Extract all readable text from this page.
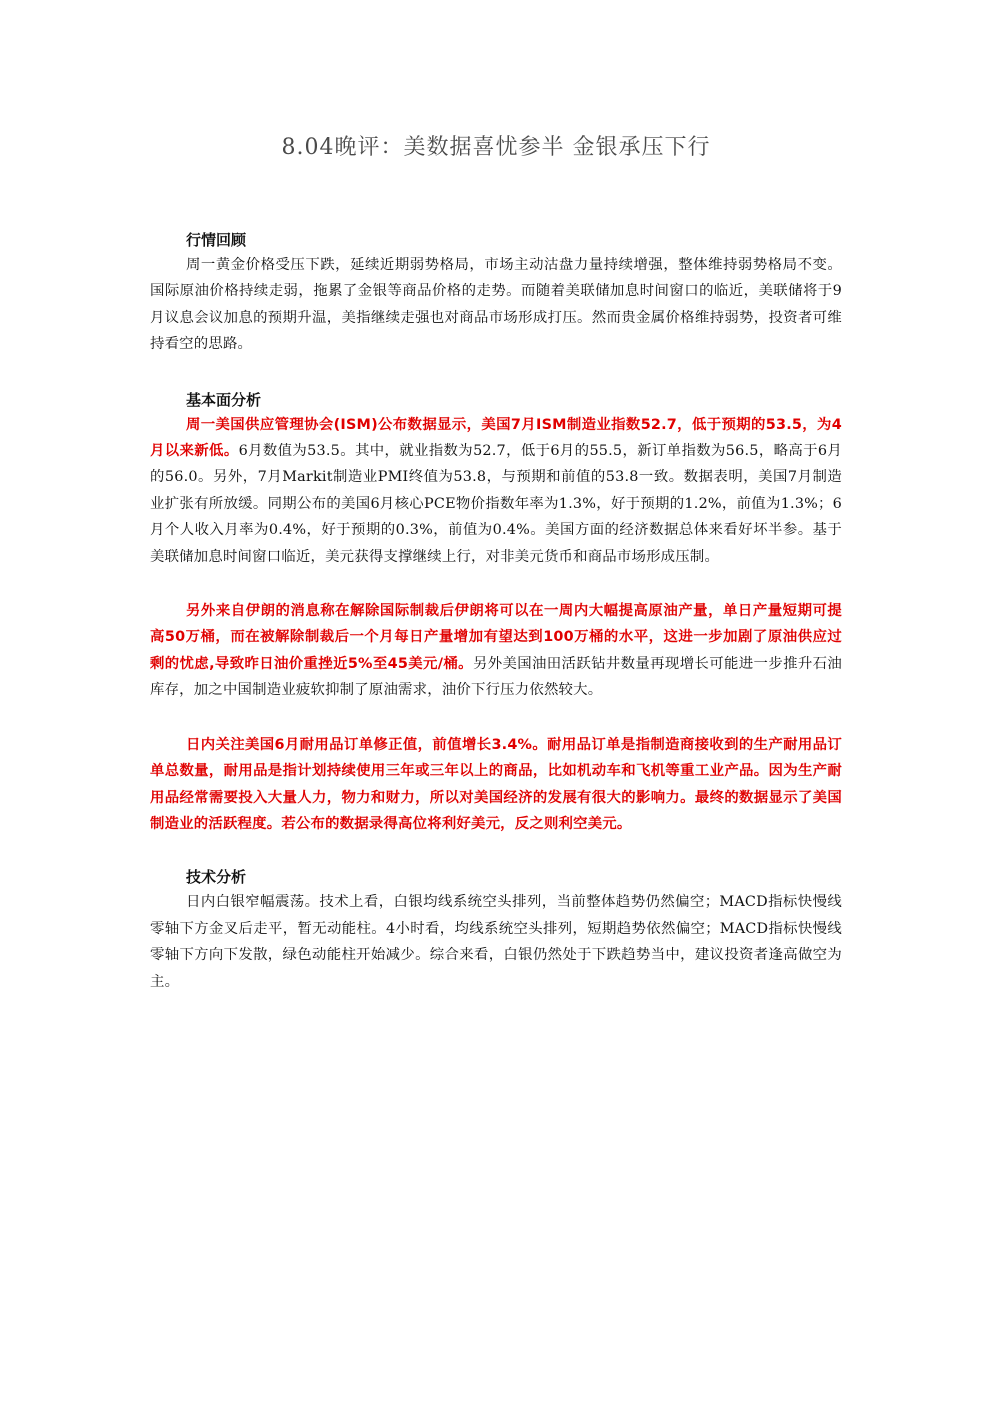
8.04晚评：美数据喜忧参半 金银承压下行
行情回顾

周一黄金价格受压下跌，延续近期弱势格局，市场主动沽盘力量持续增强，整体维持弱势格局不变。国际原油价格持续走弱，拖累了金银等商品价格的走势。而随着美联储加息时间窗口的临近，美联储将于9月议息会议加息的预期升温，美指继续走强也对商品市场形成打压。然而贵金属价格维持弱势，投资者可维持看空的思路。

基本面分析

周一美国供应管理协会(ISM)公布数据显示，美国7月ISM制造业指数52.7，低于预期的53.5，为4月以来新低。6月数值为53.5。其中，就业指数为52.7，低于6月的55.5，新订单指数为56.5，略高于6月的56.0。另外，7月Markit制造业PMI终值为53.8，与预期和前值的53.8一致。数据表明，美国7月制造业扩张有所放缓。同期公布的美国6月核心PCE物价指数年率为1.3%，好于预期的1.2%，前值为1.3%；6月个人收入月率为0.4%，好于预期的0.3%，前值为0.4%。美国方面的经济数据总体来看好坏半参。基于美联储加息时间窗口临近，美元获得支撑继续上行，对非美元货币和商品市场形成压制。

另外来自伊朗的消息称在解除国际制裁后伊朗将可以在一周内大幅提高原油产量，单日产量短期可提高50万桶，而在被解除制裁后一个月每日产量增加有望达到100万桶的水平，这进一步加剧了原油供应过剩的忧虑,导致昨日油价重挫近5%至45美元/桶。另外美国油田活跃钻井数量再现增长可能进一步推升石油库存，加之中国制造业疲软抑制了原油需求，油价下行压力依然较大。

日内关注美国6月耐用品订单修正值，前值增长3.4%。耐用品订单是指制造商接收到的生产耐用品订单总数量，耐用品是指计划持续使用三年或三年以上的商品，比如机动车和飞机等重工业产品。因为生产耐用品经常需要投入大量人力，物力和财力，所以对美国经济的发展有很大的影响力。最终的数据显示了美国制造业的活跃程度。若公布的数据录得高位将利好美元，反之则利空美元。

技术分析

日内白银窄幅震荡。技术上看，白银均线系统空头排列，当前整体趋势仍然偏空；MACD指标快慢线零轴下方金叉后走平，暂无动能柱。4小时看，均线系统空头排列，短期趋势依然偏空；MACD指标快慢线零轴下方向下发散，绿色动能柱开始减少。综合来看，白银仍然处于下跌趋势当中，建议投资者逢高做空为主。
